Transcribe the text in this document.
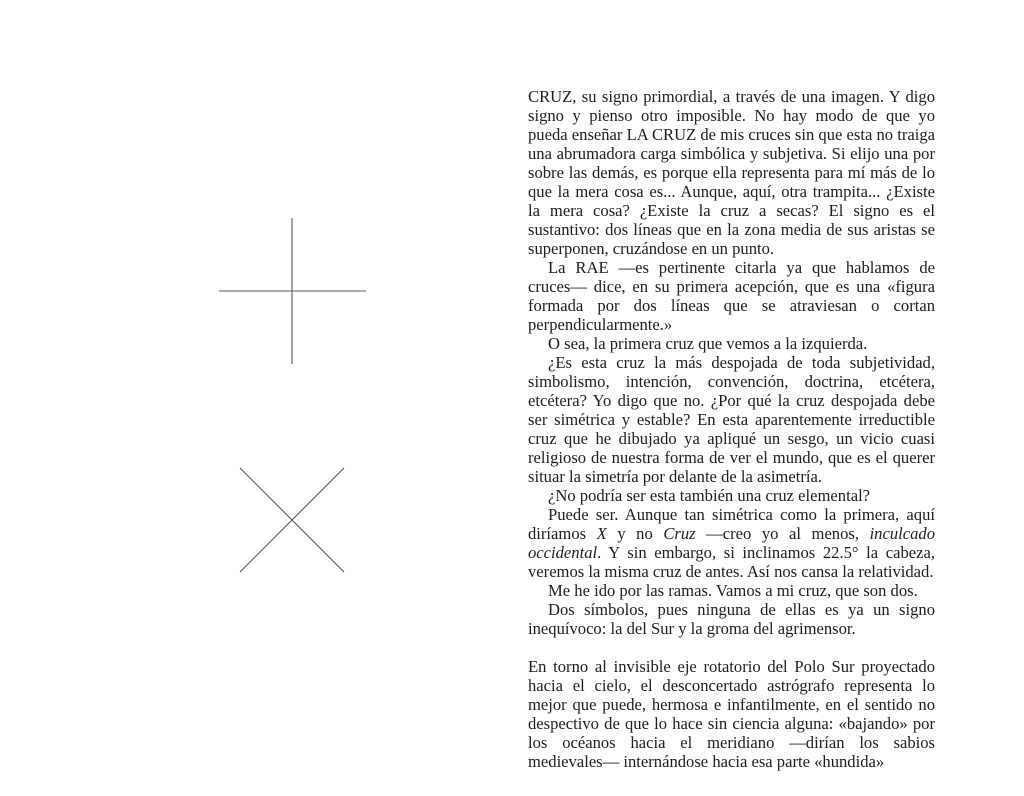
CRUZ, su signo primordial, a través de una imagen. Y digo signo y pienso otro imposible. No hay modo de que yo pueda enseñar LA CRUZ de mis cruces sin que esta no traiga una abrumadora carga simbólica y subjetiva. Si elijo una por sobre las demás, es porque ella representa para mí más de lo que la mera cosa es... Aunque, aquí, otra trampita... ¿Existe la mera cosa? ¿Existe la cruz a secas? El signo es el sustantivo: dos líneas que en la zona media de sus aristas se superponen, cruzándose en un punto.

La RAE —es pertinente citarla ya que hablamos de cruces— dice, en su primera acepción, que es una «figura formada por dos líneas que se atraviesan o cortan perpendicularmente.»

O sea, la primera cruz que vemos a la izquierda.

¿Es esta cruz la más despojada de toda subjetividad, simbolismo, intención, convención, doctrina, etcétera, etcétera? Yo digo que no. ¿Por qué la cruz despojada debe ser simétrica y estable? En esta aparentemente irreductible cruz que he dibujado ya apliqué un sesgo, un vicio cuasi religioso de nuestra forma de ver el mundo, que es el querer situar la simetría por delante de la asimetría.

¿No podría ser esta también una cruz elemental?

Puede ser. Aunque tan simétrica como la primera, aquí diríamos X y no Cruz —creo yo al menos, inculcado occidental. Y sin embargo, si inclinamos 22.5° la cabeza, veremos la misma cruz de antes. Así nos cansa la relatividad.

Me he ido por las ramas. Vamos a mi cruz, que son dos.

Dos símbolos, pues ninguna de ellas es ya un signo inequívoco: la del Sur y la groma del agrimensor.

En torno al invisible eje rotatorio del Polo Sur proyectado hacia el cielo, el desconcertado astrógrafo representa lo mejor que puede, hermosa e infantilmente, en el sentido no despectivo de que lo hace sin ciencia alguna: «bajando» por los océanos hacia el meridiano —dirían los sabios medievales— internándose hacia esa parte «hundida»
